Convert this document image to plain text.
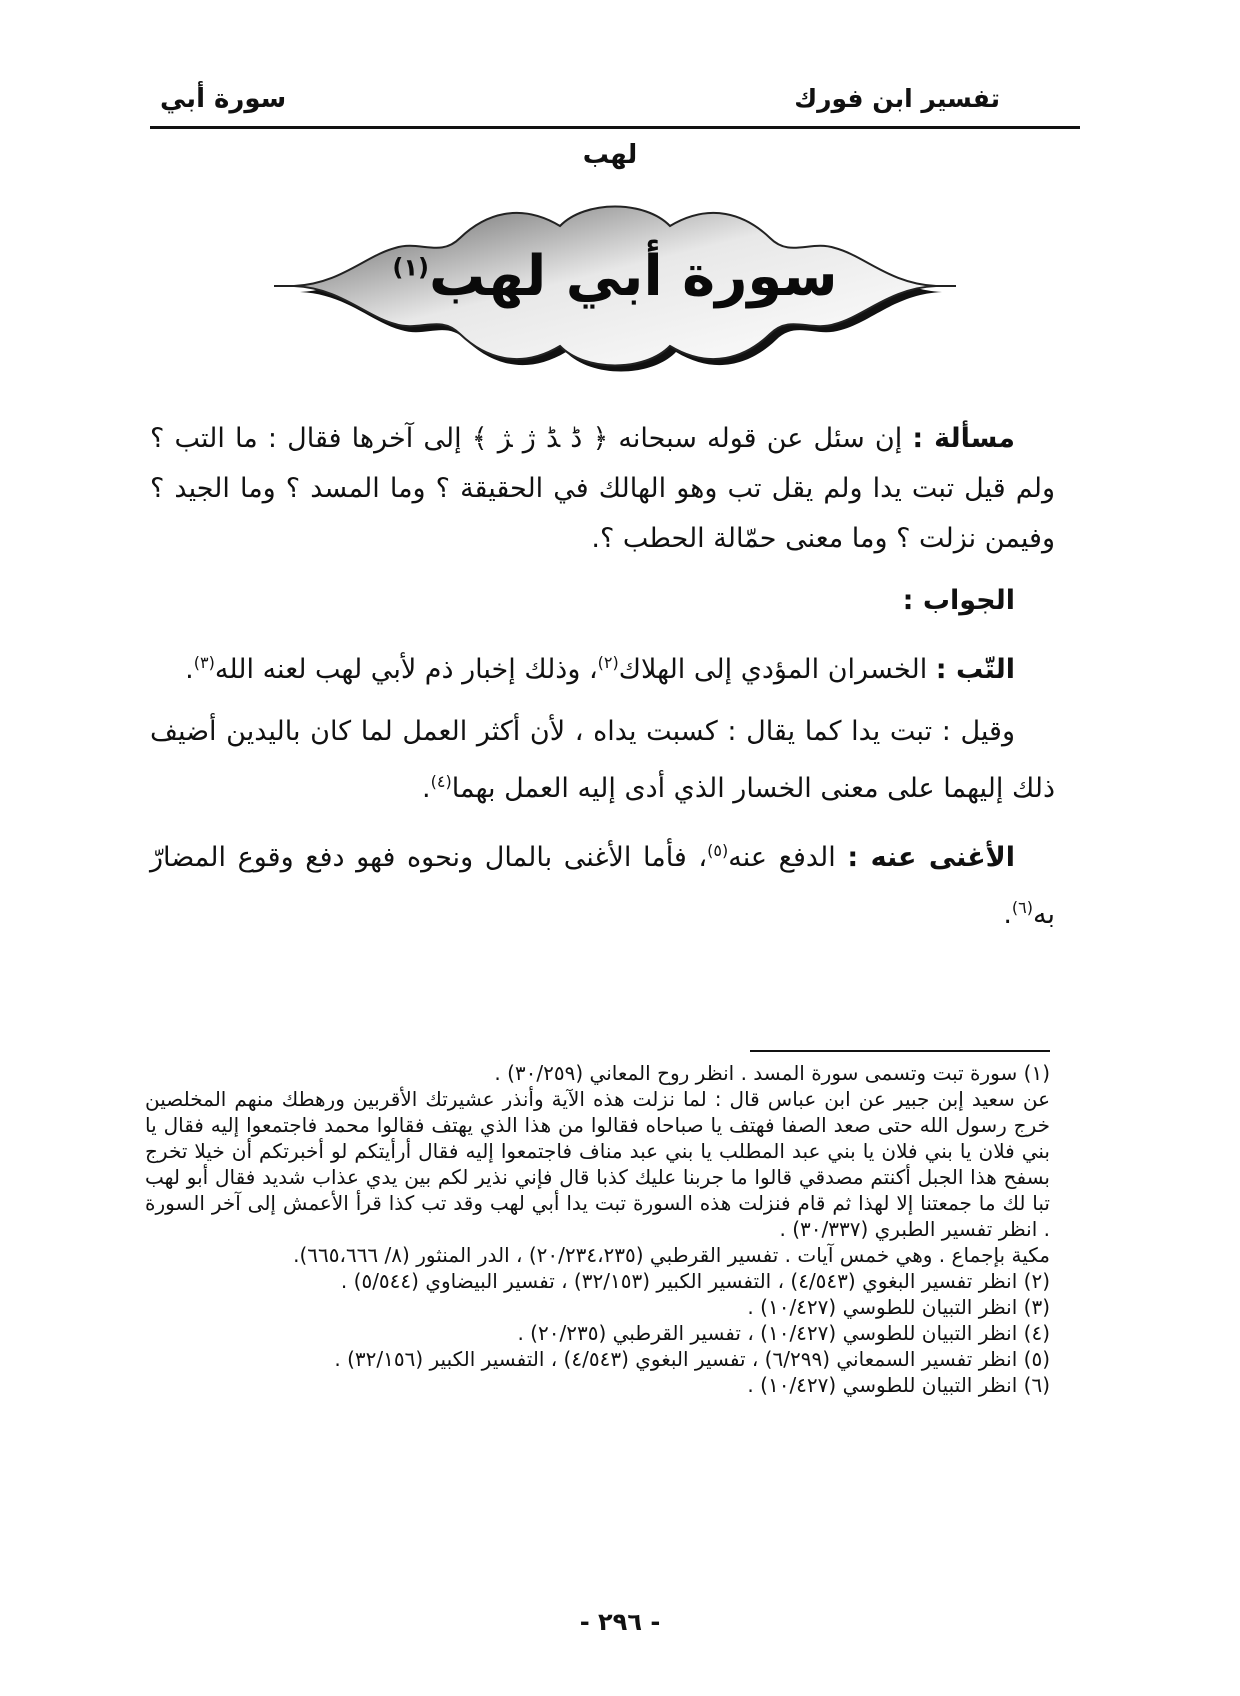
تفسير ابن فورك
سورة أبي
لهب
سورة أبي لهب$^{(١)}$

مسألة : إن سئل عن قوله سبحانه ﴿ ﮈ ﮉ ﮊ ﮋ ﴾ إلى آخرها فقال : ما التب ؟ ولم قيل تبت يدا ولم يقل تب وهو الهالك في الحقيقة ؟ وما المسد ؟ وما الجيد ؟ وفيمن نزلت ؟ وما معنى حمّالة الحطب ؟.

الجواب :

التّب : الخسران المؤدي إلى الهلاك$^{(٢)}$، وذلك إخبار ذم لأبي لهب لعنه الله$^{(٣)}$.

وقيل : تبت يدا كما يقال : كسبت يداه ، لأن أكثر العمل لما كان باليدين أضيف ذلك إليهما على معنى الخسار الذي أدى إليه العمل بهما$^{(٤)}$.

الأغنى عنه : الدفع عنه$^{(٥)}$، فأما الأغنى بالمال ونحوه فهو دفع وقوع المضارّ به$^{(٦)}$.

(١) سورة تبت وتسمى سورة المسد . انظر روح المعاني (٣٠/٢٥٩) .

عن سعيد إبن جبير عن ابن عباس قال : لما نزلت هذه الآية وأنذر عشيرتك الأقربين ورهطك منهم المخلصين خرج رسول الله حتى صعد الصفا فهتف يا صباحاه فقالوا من هذا الذي يهتف فقالوا محمد فاجتمعوا إليه فقال يا بني فلان يا بني فلان يا بني عبد المطلب يا بني عبد مناف فاجتمعوا إليه فقال أرأيتكم لو أخبرتكم أن خيلا تخرج بسفح هذا الجبل أكنتم مصدقي قالوا ما جربنا عليك كذبا قال فإني نذير لكم بين يدي عذاب شديد فقال أبو لهب تبا لك ما جمعتنا إلا لهذا ثم قام فنزلت هذه السورة تبت يدا أبي لهب وقد تب كذا قرأ الأعمش إلى آخر السورة . انظر تفسير الطبري (٣٠/٣٣٧) .

مكية بإجماع . وهي خمس آيات . تفسير القرطبي (٢٠/٢٣٤،٢٣٥) ، الدر المنثور (٨/ ٦٦٥،٦٦٦).

(٢) انظر تفسير البغوي (٤/٥٤٣) ، التفسير الكبير (٣٢/١٥٣) ، تفسير البيضاوي (٥/٥٤٤) .

(٣) انظر التبيان للطوسي (١٠/٤٢٧) .

(٤) انظر التبيان للطوسي (١٠/٤٢٧) ، تفسير القرطبي (٢٠/٢٣٥) .

(٥) انظر تفسير السمعاني (٦/٢٩٩) ، تفسير البغوي (٤/٥٤٣) ، التفسير الكبير (٣٢/١٥٦) .

(٦) انظر التبيان للطوسي (١٠/٤٢٧) .

- ٢٩٦ -
